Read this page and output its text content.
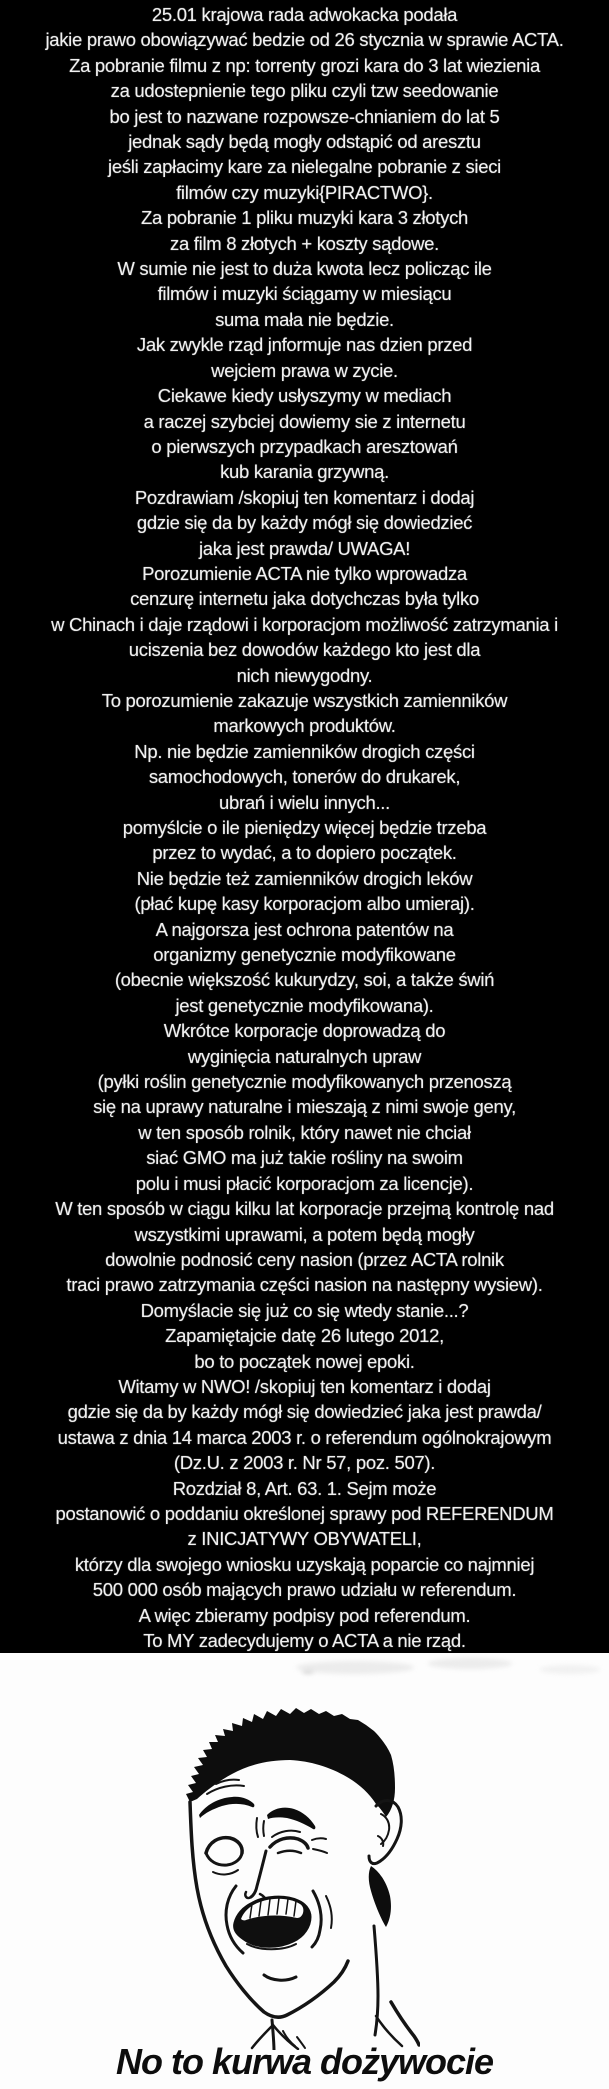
25.01 krajowa rada adwokacka podała
jakie prawo obowiązywać bedzie od 26 stycznia w sprawie ACTA.
Za pobranie filmu z np: torrenty grozi kara do 3 lat wiezienia
za udostepnienie tego pliku czyli tzw seedowanie
bo jest to nazwane rozpowsze-chnianiem do lat 5
jednak sądy będą mogły odstąpić od aresztu
jeśli zapłacimy kare za nielegalne pobranie z sieci
filmów czy muzyki{PIRACTWO}.
Za pobranie 1 pliku muzyki kara 3 złotych
za film 8 złotych + koszty sądowe.
W sumie nie jest to duża kwota lecz policząc ile
filmów i muzyki ściągamy w miesiącu
suma mała nie będzie.
Jak zwykle rząd jnformuje nas dzien przed
wejciem prawa w zycie.
Ciekawe kiedy usłyszymy w mediach
a raczej szybciej dowiemy sie z internetu
o pierwszych przypadkach aresztowań
kub karania grzywną.
Pozdrawiam /skopiuj ten komentarz i dodaj
gdzie się da by każdy mógł się dowiedzieć
jaka jest prawda/ UWAGA!
Porozumienie ACTA nie tylko wprowadza
cenzurę internetu jaka dotychczas była tylko
w Chinach i daje rządowi i korporacjom możliwość zatrzymania i
uciszenia bez dowodów każdego kto jest dla
nich niewygodny.
To porozumienie zakazuje wszystkich zamienników
markowych produktów.
Np. nie będzie zamienników drogich części
samochodowych, tonerów do drukarek,
ubrań i wielu innych...
pomyślcie o ile pieniędzy więcej będzie trzeba
przez to wydać, a to dopiero początek.
Nie będzie też zamienników drogich leków
(płać kupę kasy korporacjom albo umieraj).
A najgorsza jest ochrona patentów na
organizmy genetycznie modyfikowane
(obecnie większość kukurydzy, soi, a także świń
jest genetycznie modyfikowana).
Wkrótce korporacje doprowadzą do
wyginięcia naturalnych upraw
(pyłki roślin genetycznie modyfikowanych przenoszą
się na uprawy naturalne i mieszają z nimi swoje geny,
w ten sposób rolnik, który nawet nie chciał
siać GMO ma już takie rośliny na swoim
polu i musi płacić korporacjom za licencje).
W ten sposób w ciągu kilku lat korporacje przejmą kontrolę nad
wszystkimi uprawami, a potem będą mogły
dowolnie podnosić ceny nasion (przez ACTA rolnik
traci prawo zatrzymania części nasion na następny wysiew).
Domyślacie się już co się wtedy stanie...?
Zapamiętajcie datę 26 lutego 2012,
bo to początek nowej epoki.
Witamy w NWO! /skopiuj ten komentarz i dodaj
gdzie się da by każdy mógł się dowiedzieć jaka jest prawda/
ustawa z dnia 14 marca 2003 r. o referendum ogólnokrajowym
(Dz.U. z 2003 r. Nr 57, poz. 507).
Rozdział 8, Art. 63. 1. Sejm może
postanowić o poddaniu określonej sprawy pod REFERENDUM
z INICJATYWY OBYWATELI,
którzy dla swojego wniosku uzyskają poparcie co najmniej
500 000 osób mających prawo udziału w referendum.
A więc zbieramy podpisy pod referendum.
To MY zadecydujemy o ACTA a nie rząd.
No to kurwa dożywocie
